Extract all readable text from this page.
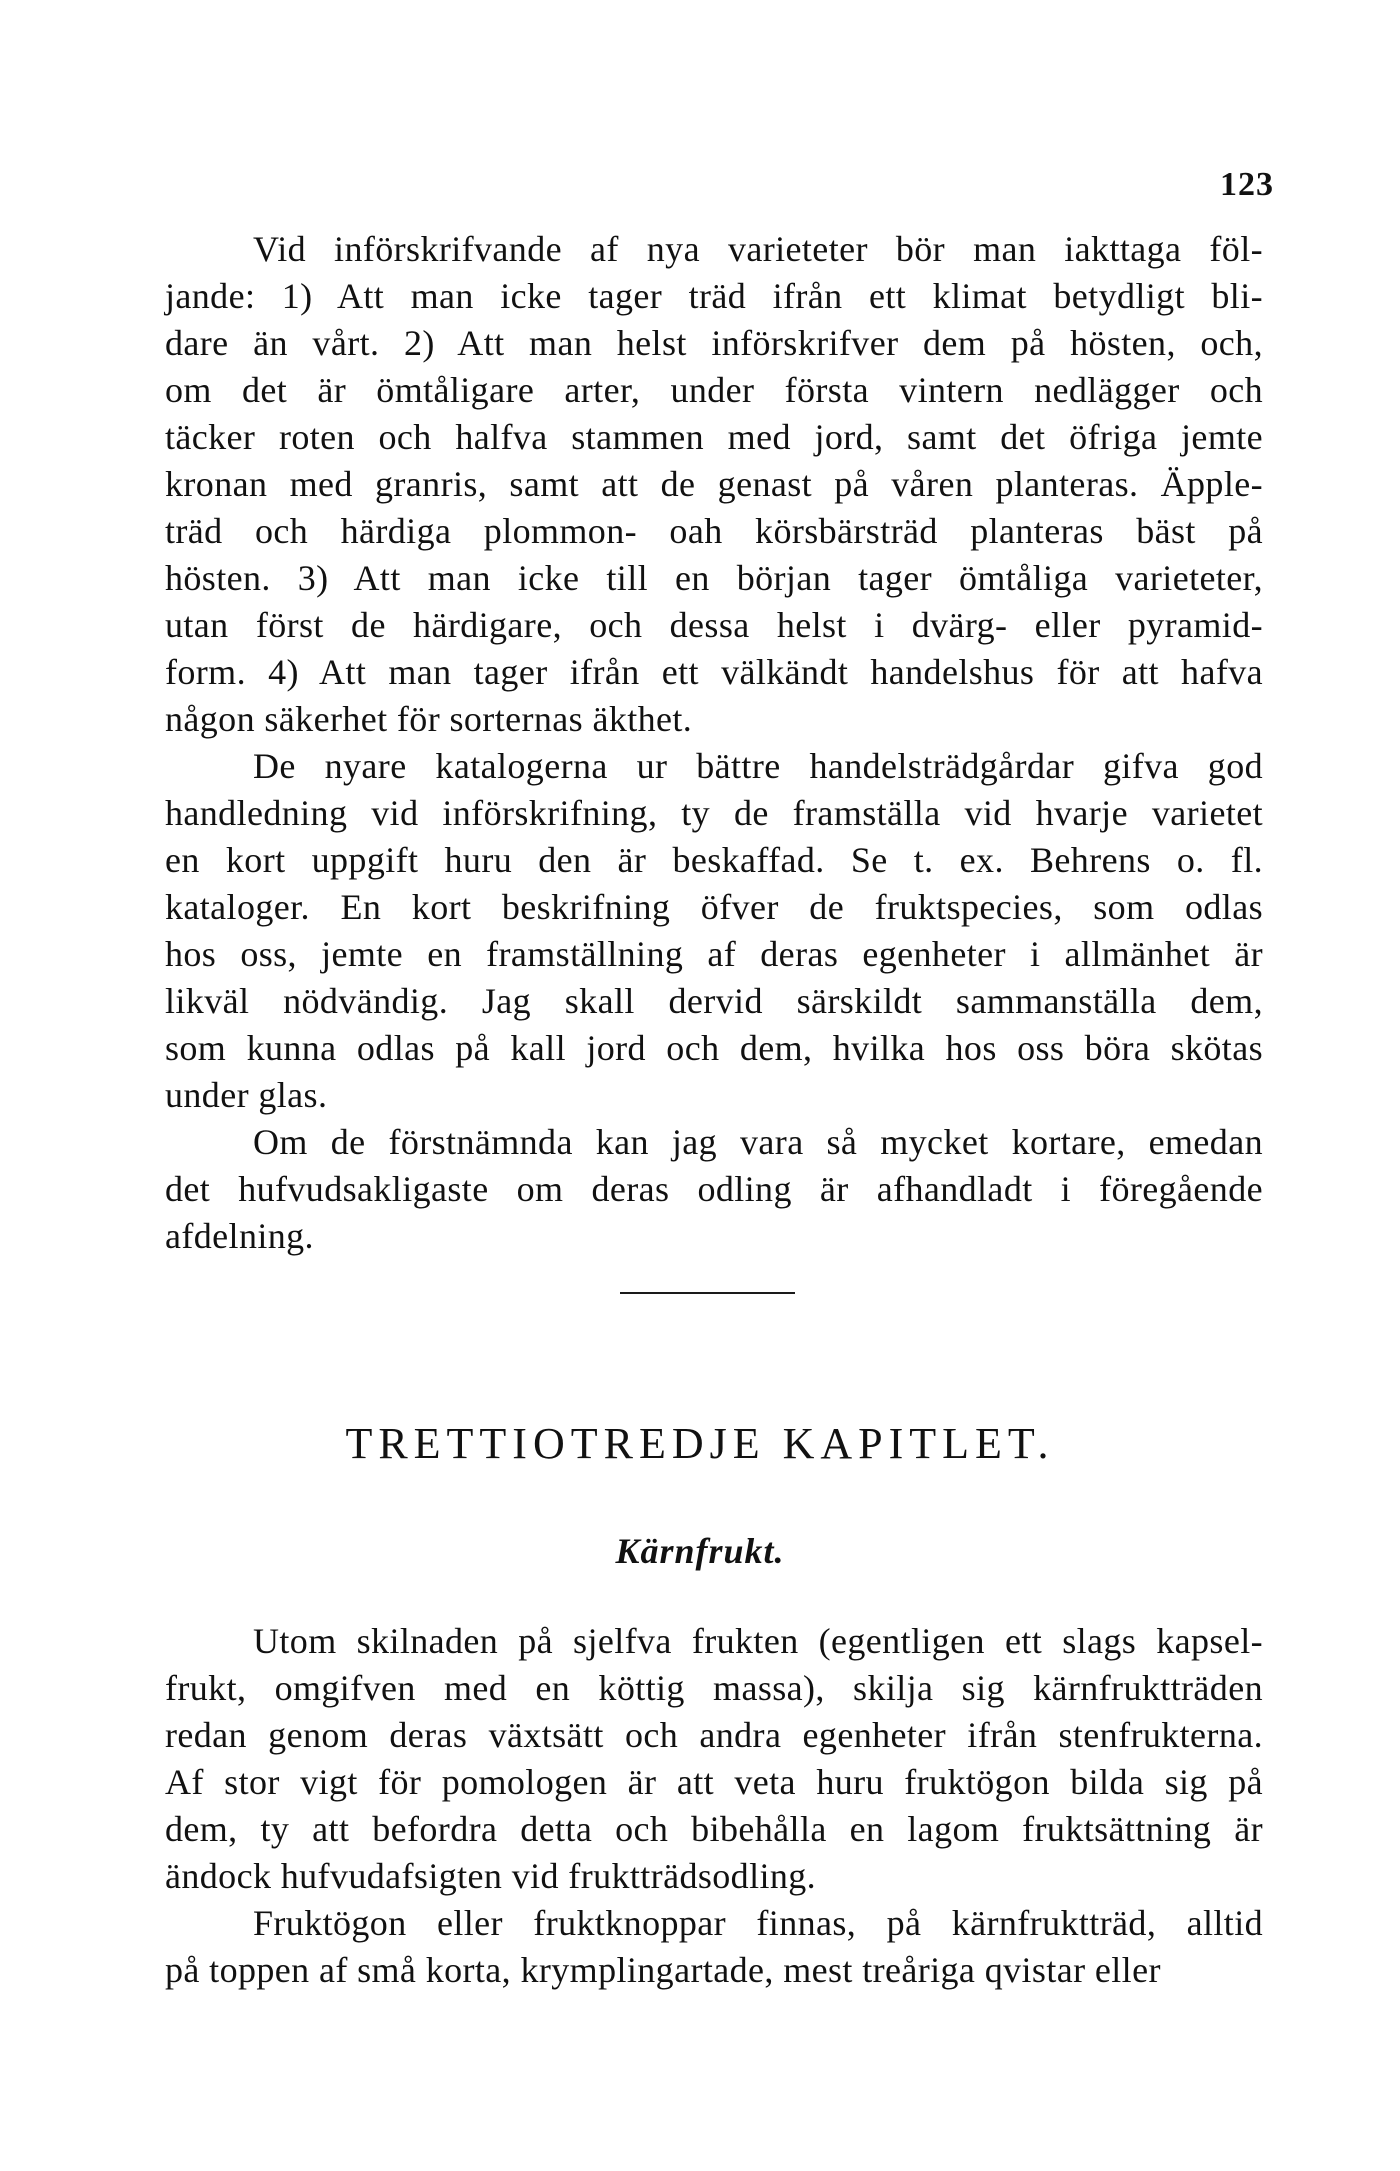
123
Vid införskrifvande af nya varieteter bör man iakttaga föl-
jande: 1) Att man icke tager träd ifrån ett klimat betydligt bli-
dare än vårt. 2) Att man helst införskrifver dem på hösten, och,
om det är ömtåligare arter, under första vintern nedlägger och
täcker roten och halfva stammen med jord, samt det öfriga jemte
kronan med granris, samt att de genast på våren planteras. Äpple-
träd och härdiga plommon- oah körsbärsträd planteras bäst på
hösten. 3) Att man icke till en början tager ömtåliga varieteter,
utan först de härdigare, och dessa helst i dvärg- eller pyramid-
form. 4) Att man tager ifrån ett välkändt handelshus för att hafva
någon säkerhet för sorternas äkthet.
De nyare katalogerna ur bättre handelsträdgårdar gifva god
handledning vid införskrifning, ty de framställa vid hvarje varietet
en kort uppgift huru den är beskaffad. Se t. ex. Behrens o. fl.
kataloger. En kort beskrifning öfver de fruktspecies, som odlas
hos oss, jemte en framställning af deras egenheter i allmänhet är
likväl nödvändig. Jag skall dervid särskildt sammanställa dem,
som kunna odlas på kall jord och dem, hvilka hos oss böra skötas
under glas.
Om de förstnämnda kan jag vara så mycket kortare, emedan
det hufvudsakligaste om deras odling är afhandladt i föregående
afdelning.
TRETTIOTREDJE KAPITLET.
Kärnfrukt.
Utom skilnaden på sjelfva frukten (egentligen ett slags kapsel-
frukt, omgifven med en köttig massa), skilja sig kärnfruktträden
redan genom deras växtsätt och andra egenheter ifrån stenfrukterna.
Af stor vigt för pomologen är att veta huru fruktögon bilda sig på
dem, ty att befordra detta och bibehålla en lagom fruktsättning är
ändock hufvudafsigten vid fruktträdsodling.
Fruktögon eller fruktknoppar finnas, på kärnfruktträd, alltid
på toppen af små korta, krymplingartade, mest treåriga qvistar eller
